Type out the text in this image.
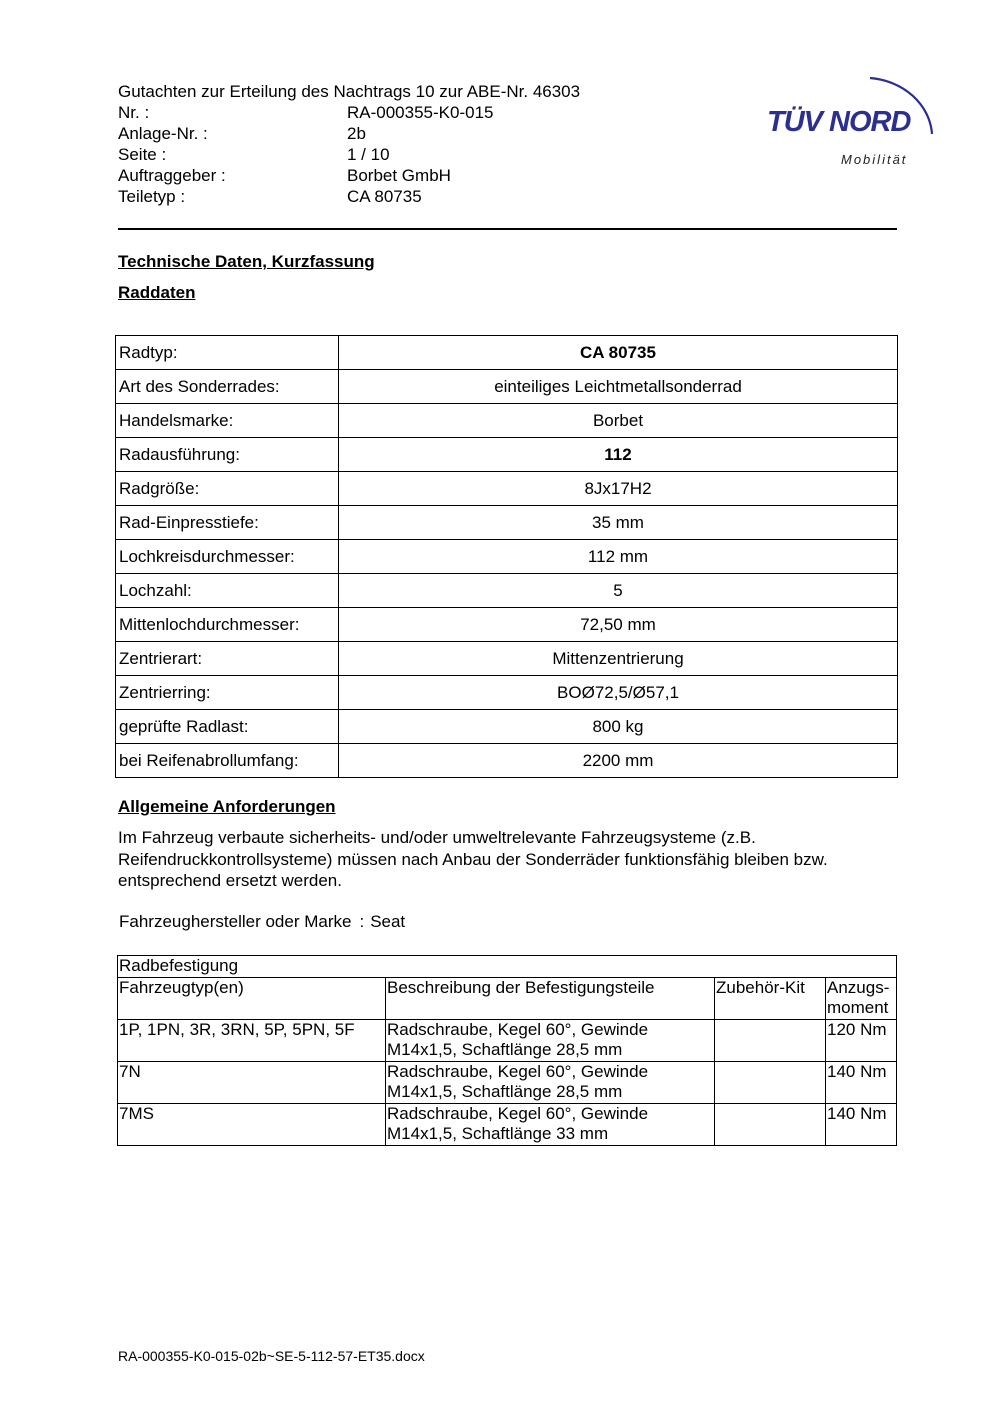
Gutachten zur Erteilung des Nachtrags 10 zur ABE-Nr. 46303
Nr. :	RA-000355-K0-015
Anlage-Nr. :	2b
Seite :	1 / 10
Auftraggeber :	Borbet GmbH
Teiletyp :	CA 80735
TÜV NORD
Mobilität
Technische Daten, Kurzfassung
Raddaten
Radtyp:	CA 80735
Art des Sonderrades:	einteiliges Leichtmetallsonderrad
Handelsmarke:	Borbet
Radausführung:	112
Radgröße:	8Jx17H2
Rad-Einpresstiefe:	35 mm
Lochkreisdurchmesser:	112 mm
Lochzahl:	5
Mittenlochdurchmesser:	72,50 mm
Zentrierart:	Mittenzentrierung
Zentrierring:	BOØ72,5/Ø57,1
geprüfte Radlast:	800 kg
bei Reifenabrollumfang:	2200 mm
Allgemeine Anforderungen
Im Fahrzeug verbaute sicherheits- und/oder umweltrelevante Fahrzeugsysteme (z.B.
Reifendruckkontrollsysteme) müssen nach Anbau der Sonderräder funktionsfähig bleiben bzw.
entsprechend ersetzt werden.
Fahrzeughersteller oder Marke : Seat
Radbefestigung			
Fahrzeugtyp(en)	Beschreibung der Befestigungsteile	Zubehör-Kit	Anzugs-
moment

1P, 1PN, 3R, 3RN, 5P, 5PN, 5F	Radschraube, Kegel 60°, Gewinde
M14x1,5, Schaftlänge 28,5 mm		120 Nm
7N	Radschraube, Kegel 60°, Gewinde
M14x1,5, Schaftlänge 28,5 mm		140 Nm
7MS	Radschraube, Kegel 60°, Gewinde
M14x1,5, Schaftlänge 33 mm		140 Nm
RA-000355-K0-015-02b~SE-5-112-57-ET35.docx
